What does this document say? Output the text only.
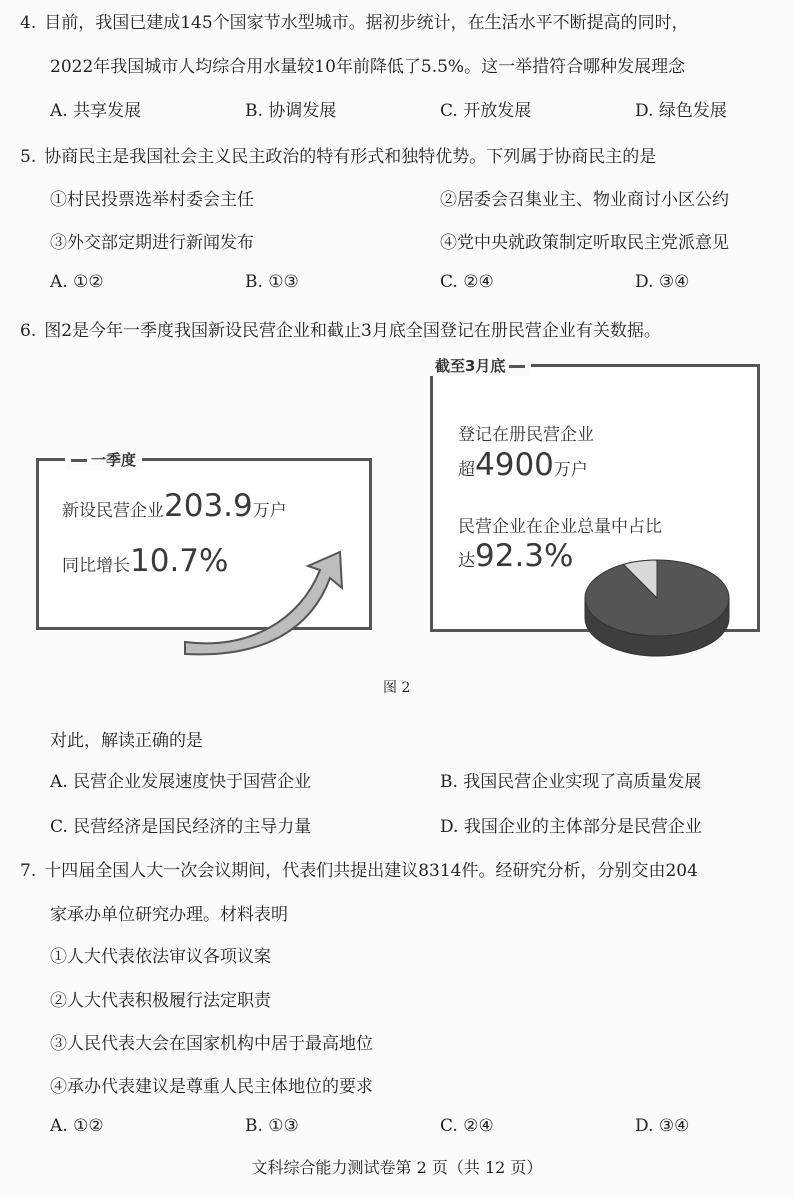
4. 目前，我国已建成145个国家节水型城市。据初步统计，在生活水平不断提高的同时，
2022年我国城市人均综合用水量较10年前降低了5.5%。这一举措符合哪种发展理念
A. 共享发展	B. 协调发展	C. 开放发展	D. 绿色发展
5. 协商民主是我国社会主义民主政治的特有形式和独特优势。下列属于协商民主的是
①村民投票选举村委会主任	②居委会召集业主、物业商讨小区公约
③外交部定期进行新闻发布	④党中央就政策制定听取民主党派意见
A. ①②	B. ①③	C. ②④	D. ③④
6. 图2是今年一季度我国新设民营企业和截止3月底全国登记在册民营企业有关数据。
一季度
新设民营企业203.9万户
同比增长10.7%
截至3月底
登记在册民营企业
超4900万户
民营企业在企业总量中占比
达92.3%
图 2
对此，解读正确的是
A. 民营企业发展速度快于国营企业	B. 我国民营企业实现了高质量发展
C. 民营经济是国民经济的主导力量	D. 我国企业的主体部分是民营企业
7. 十四届全国人大一次会议期间，代表们共提出建议8314件。经研究分析，分别交由204
家承办单位研究办理。材料表明
①人大代表依法审议各项议案
②人大代表积极履行法定职责
③人民代表大会在国家机构中居于最高地位
④承办代表建议是尊重人民主体地位的要求
A. ①②	B. ①③	C. ②④	D. ③④
文科综合能力测试卷第 2 页（共 12 页）
